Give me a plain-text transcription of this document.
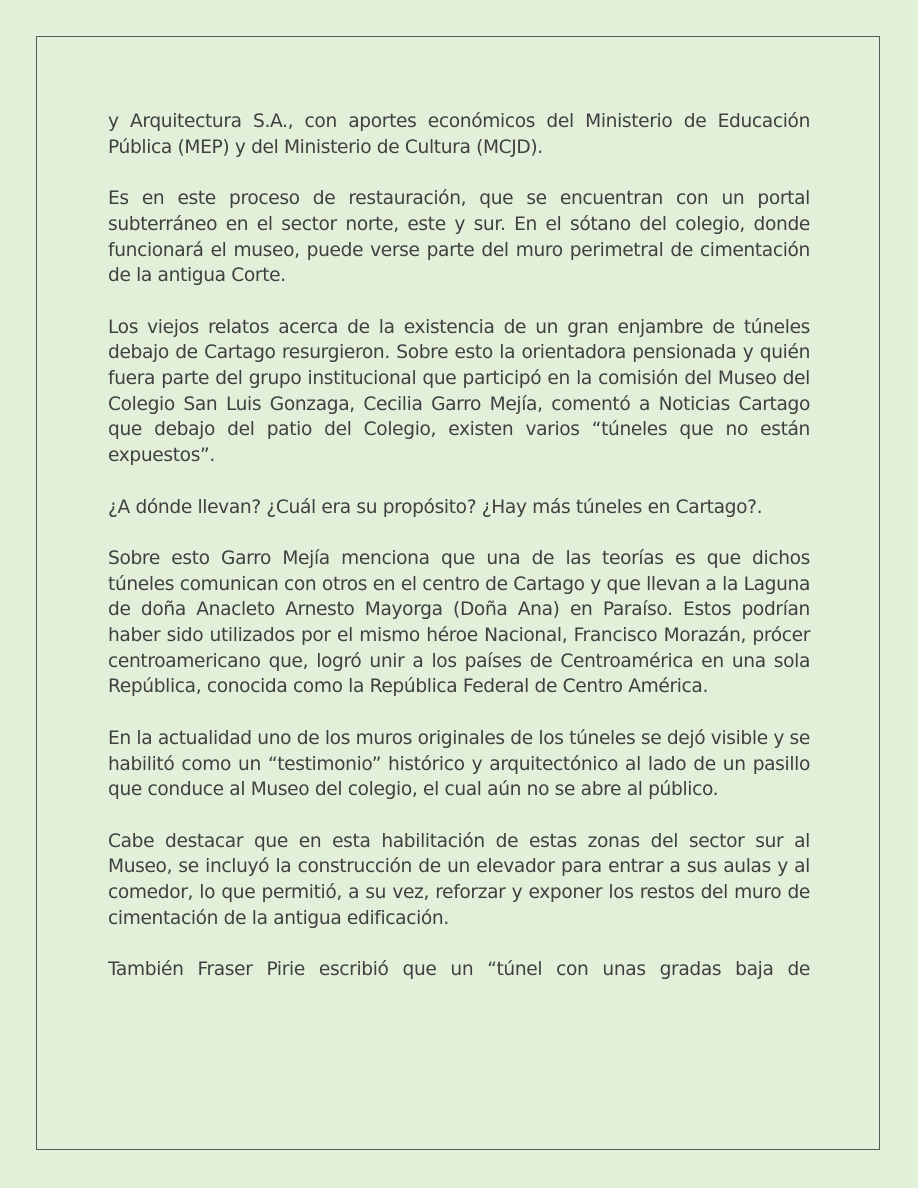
y Arquitectura S.A., con aportes económicos del Ministerio de Educación Pública (MEP) y del Ministerio de Cultura (MCJD).

Es en este proceso de restauración, que se encuentran con un portal subterráneo en el sector norte, este y sur. En el sótano del colegio, donde funcionará el museo, puede verse parte del muro perimetral de cimentación de la antigua Corte.

Los viejos relatos acerca de la existencia de un gran enjambre de túneles debajo de Cartago resurgieron. Sobre esto la orientadora pensionada y quién fuera parte del grupo institucional que participó en la comisión del Museo del Colegio San Luis Gonzaga, Cecilia Garro Mejía, comentó a Noticias Cartago que debajo del patio del Colegio, existen varios “túneles que no están expuestos”.

¿A dónde llevan? ¿Cuál era su propósito? ¿Hay más túneles en Cartago?.

Sobre esto Garro Mejía menciona que una de las teorías es que dichos túneles comunican con otros en el centro de Cartago y que llevan a la Laguna de doña Anacleto Arnesto Mayorga (Doña Ana) en Paraíso. Estos podrían haber sido utilizados por el mismo héroe Nacional, Francisco Morazán, prócer centroamericano que, logró unir a los países de Centroamérica en una sola República, conocida como la República Federal de Centro América.

En la actualidad uno de los muros originales de los túneles se dejó visible y se habilitó como un “testimonio” histórico y arquitectónico al lado de un pasillo que conduce al Museo del colegio, el cual aún no se abre al público.

Cabe destacar que en esta habilitación de estas zonas del sector sur al Museo, se incluyó la construcción de un elevador para entrar a sus aulas y al comedor, lo que permitió, a su vez, reforzar y exponer los restos del muro de cimentación de la antigua edificación.

También Fraser Pirie escribió que un “túnel con unas gradas baja de
